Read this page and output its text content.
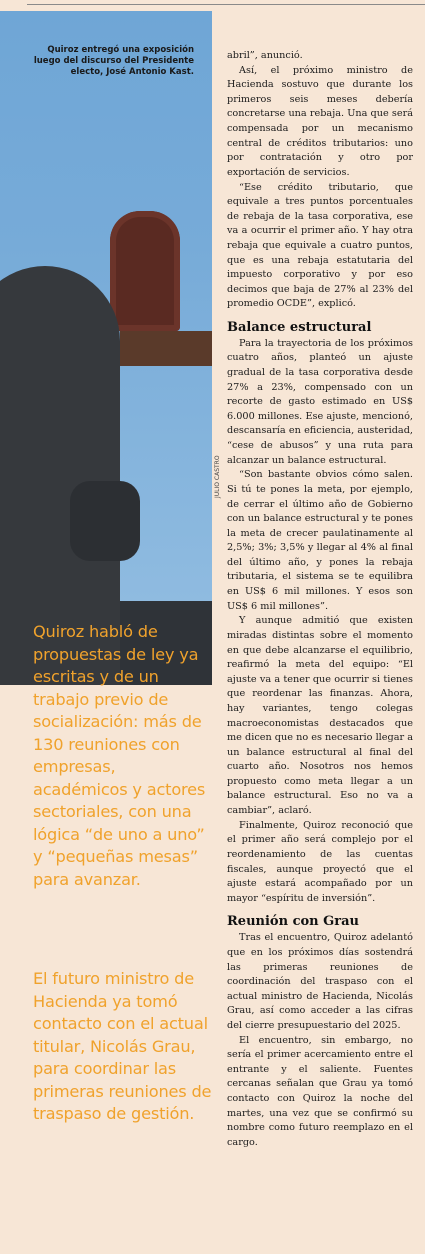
Quiroz entregó una exposición luego del discurso del Presidente electo, José Antonio Kast.

JULIO CASTRO

Quiroz habló de propuestas de ley ya escritas y de un trabajo previo de socialización: más de 130 reuniones con empresas, académicos y actores sectoriales, con una lógica “de uno a uno” y “pequeñas mesas” para avanzar.

El futuro ministro de Hacienda ya tomó contacto con el actual titular, Nicolás Grau, para coordinar las primeras reuniones de traspaso de gestión.

abril”, anunció.

Así, el próximo ministro de Hacienda sostuvo que durante los primeros seis meses debería concretarse una rebaja. Una que será compensada por un mecanismo central de créditos tributarios: uno por contratación y otro por exportación de servicios.

“Ese crédito tributario, que equivale a tres puntos porcentuales de rebaja de la tasa corporativa, ese va a ocurrir el primer año. Y hay otra rebaja que equivale a cuatro puntos, que es una rebaja estatutaria del impuesto corporativo y por eso decimos que baja de 27% al 23% del promedio OCDE”, explicó.

Balance estructural

Para la trayectoria de los próximos cuatro años, planteó un ajuste gradual de la tasa corporativa desde 27% a 23%, compensado con un recorte de gasto estimado en US$ 6.000 millones. Ese ajuste, mencionó, descansaría en eficiencia, austeridad, “cese de abusos” y una ruta para alcanzar un balance estructural.

“Son bastante obvios cómo salen. Si tú te pones la meta, por ejemplo, de cerrar el último año de Gobierno con un balance estructural y te pones la meta de crecer paulatinamente al 2,5%; 3%; 3,5% y llegar al 4% al final del último año, y pones la rebaja tributaria, el sistema se te equilibra en US$ 6 mil millones. Y esos son US$ 6 mil millones”.

Y aunque admitió que existen miradas distintas sobre el momento en que debe alcanzarse el equilibrio, reafirmó la meta del equipo: “El ajuste va a tener que ocurrir si tienes que reordenar las finanzas. Ahora, hay variantes, tengo colegas macroeconomistas destacados que me dicen que no es necesario llegar a un balance estructural al final del cuarto año. Nosotros nos hemos propuesto como meta llegar a un balance estructural. Eso no va a cambiar”, aclaró.

Finalmente, Quiroz reconoció que el primer año será complejo por el reordenamiento de las cuentas fiscales, aunque proyectó que el ajuste estará acompañado por un mayor “espíritu de inversión”.

Reunión con Grau

Tras el encuentro, Quiroz adelantó que en los próximos días sostendrá las primeras reuniones de coordinación del traspaso con el actual ministro de Hacienda, Nicolás Grau, así como acceder a las cifras del cierre presupuestario del 2025.

El encuentro, sin embargo, no sería el primer acercamiento entre el entrante y el saliente. Fuentes cercanas señalan que Grau ya tomó contacto con Quiroz la noche del martes, una vez que se confirmó su nombre como futuro reemplazo en el cargo.
